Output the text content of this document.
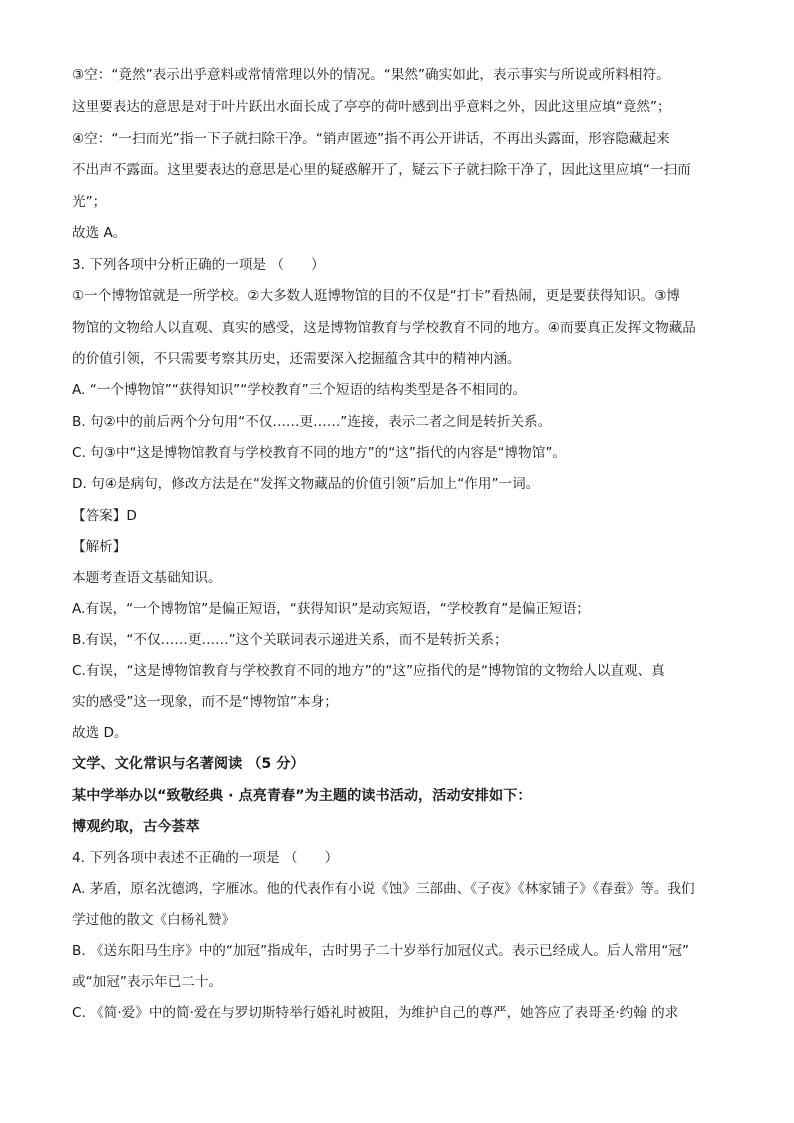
③空：“竟然”表示出乎意料或常情常理以外的情况。“果然”确实如此，表示事实与所说或所料相符。
这里要表达的意思是对于叶片跃出水面长成了亭亭的荷叶感到出乎意料之外，因此这里应填“竟然”；
④空：“一扫而光”指一下子就扫除干净。“销声匿迹”指不再公开讲话，不再出头露面，形容隐藏起来
不出声不露面。这里要表达的意思是心里的疑惑解开了，疑云下子就扫除干净了，因此这里应填“一扫而
光”；
故选 A。
3. 下列各项中分析正确的一项是 （　　）
①一个博物馆就是一所学校。②大多数人逛博物馆的目的不仅是“打卡”看热闹，更是要获得知识。③博
物馆的文物给人以直观、真实的感受，这是博物馆教育与学校教育不同的地方。④而要真正发挥文物藏品
的价值引领，不只需要考察其历史，还需要深入挖掘蕴含其中的精神内涵。
A. “一个博物馆”“获得知识”“学校教育”三个短语的结构类型是各不相同的。
B. 句②中的前后两个分句用“不仅……更……”连接，表示二者之间是转折关系。
C. 句③中“这是博物馆教育与学校教育不同的地方”的“这”指代的内容是“博物馆”。
D. 句④是病句，修改方法是在“发挥文物藏品的价值引领”后加上“作用”一词。
【答案】D
【解析】
本题考查语文基础知识。
A.有误，“一个博物馆”是偏正短语，“获得知识”是动宾短语，“学校教育”是偏正短语；
B.有误，“不仅……更……”这个关联词表示递进关系，而不是转折关系；
C.有误，“这是博物馆教育与学校教育不同的地方”的“这”应指代的是“博物馆的文物给人以直观、真
实的感受”这一现象，而不是“博物馆”本身；
故选 D。
文学、文化常识与名著阅读 （5 分）
某中学举办以“致敬经典 · 点亮青春”为主题的读书活动，活动安排如下：
博观约取，古今荟萃
4. 下列各项中表述不正确的一项是 （　　）
A. 茅盾，原名沈德鸿，字雁冰。他的代表作有小说《蚀》三部曲、《子夜》《林家铺子》《春蚕》等。我们
学过他的散文《白杨礼赞》
B. 《送东阳马生序》中的“加冠”指成年，古时男子二十岁举行加冠仪式。表示已经成人。后人常用“冠”
或“加冠”表示年已二十。
C. 《简·爱》中的简·爱在与罗切斯特举行婚礼时被阻，为维护自己的尊严，她答应了表哥圣·约翰 的求
